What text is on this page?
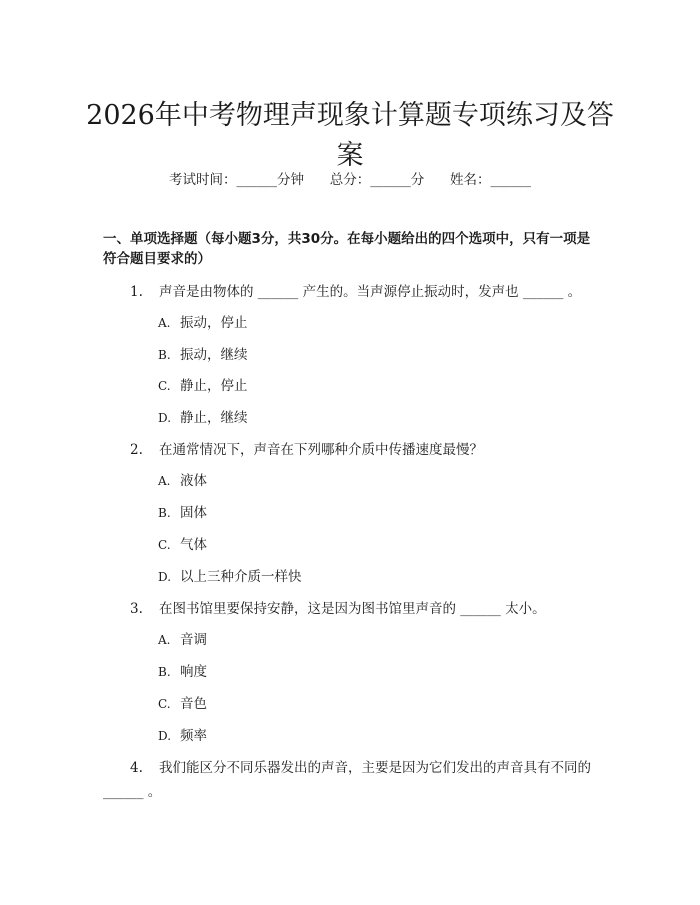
2026年中考物理声现象计算题专项练习及答案
考试时间：______分钟 总分：______分 姓名：______
一、单项选择题（每小题3分，共30分。在每小题给出的四个选项中，只有一项是符合题目要求的）
1.	声音是由物体的 ______ 产生的。当声源停止振动时，发声也 ______ 。
A. 振动，停止
B. 振动，继续
C. 静止，停止
D. 静止，继续
2.	在通常情况下，声音在下列哪种介质中传播速度最慢？
A. 液体
B. 固体
C. 气体
D. 以上三种介质一样快
3.	在图书馆里要保持安静，这是因为图书馆里声音的 ______ 太小。
A. 音调
B. 响度
C. 音色
D. 频率
4.	我们能区分不同乐器发出的声音，主要是因为它们发出的声音具有不同的 ______ 。
